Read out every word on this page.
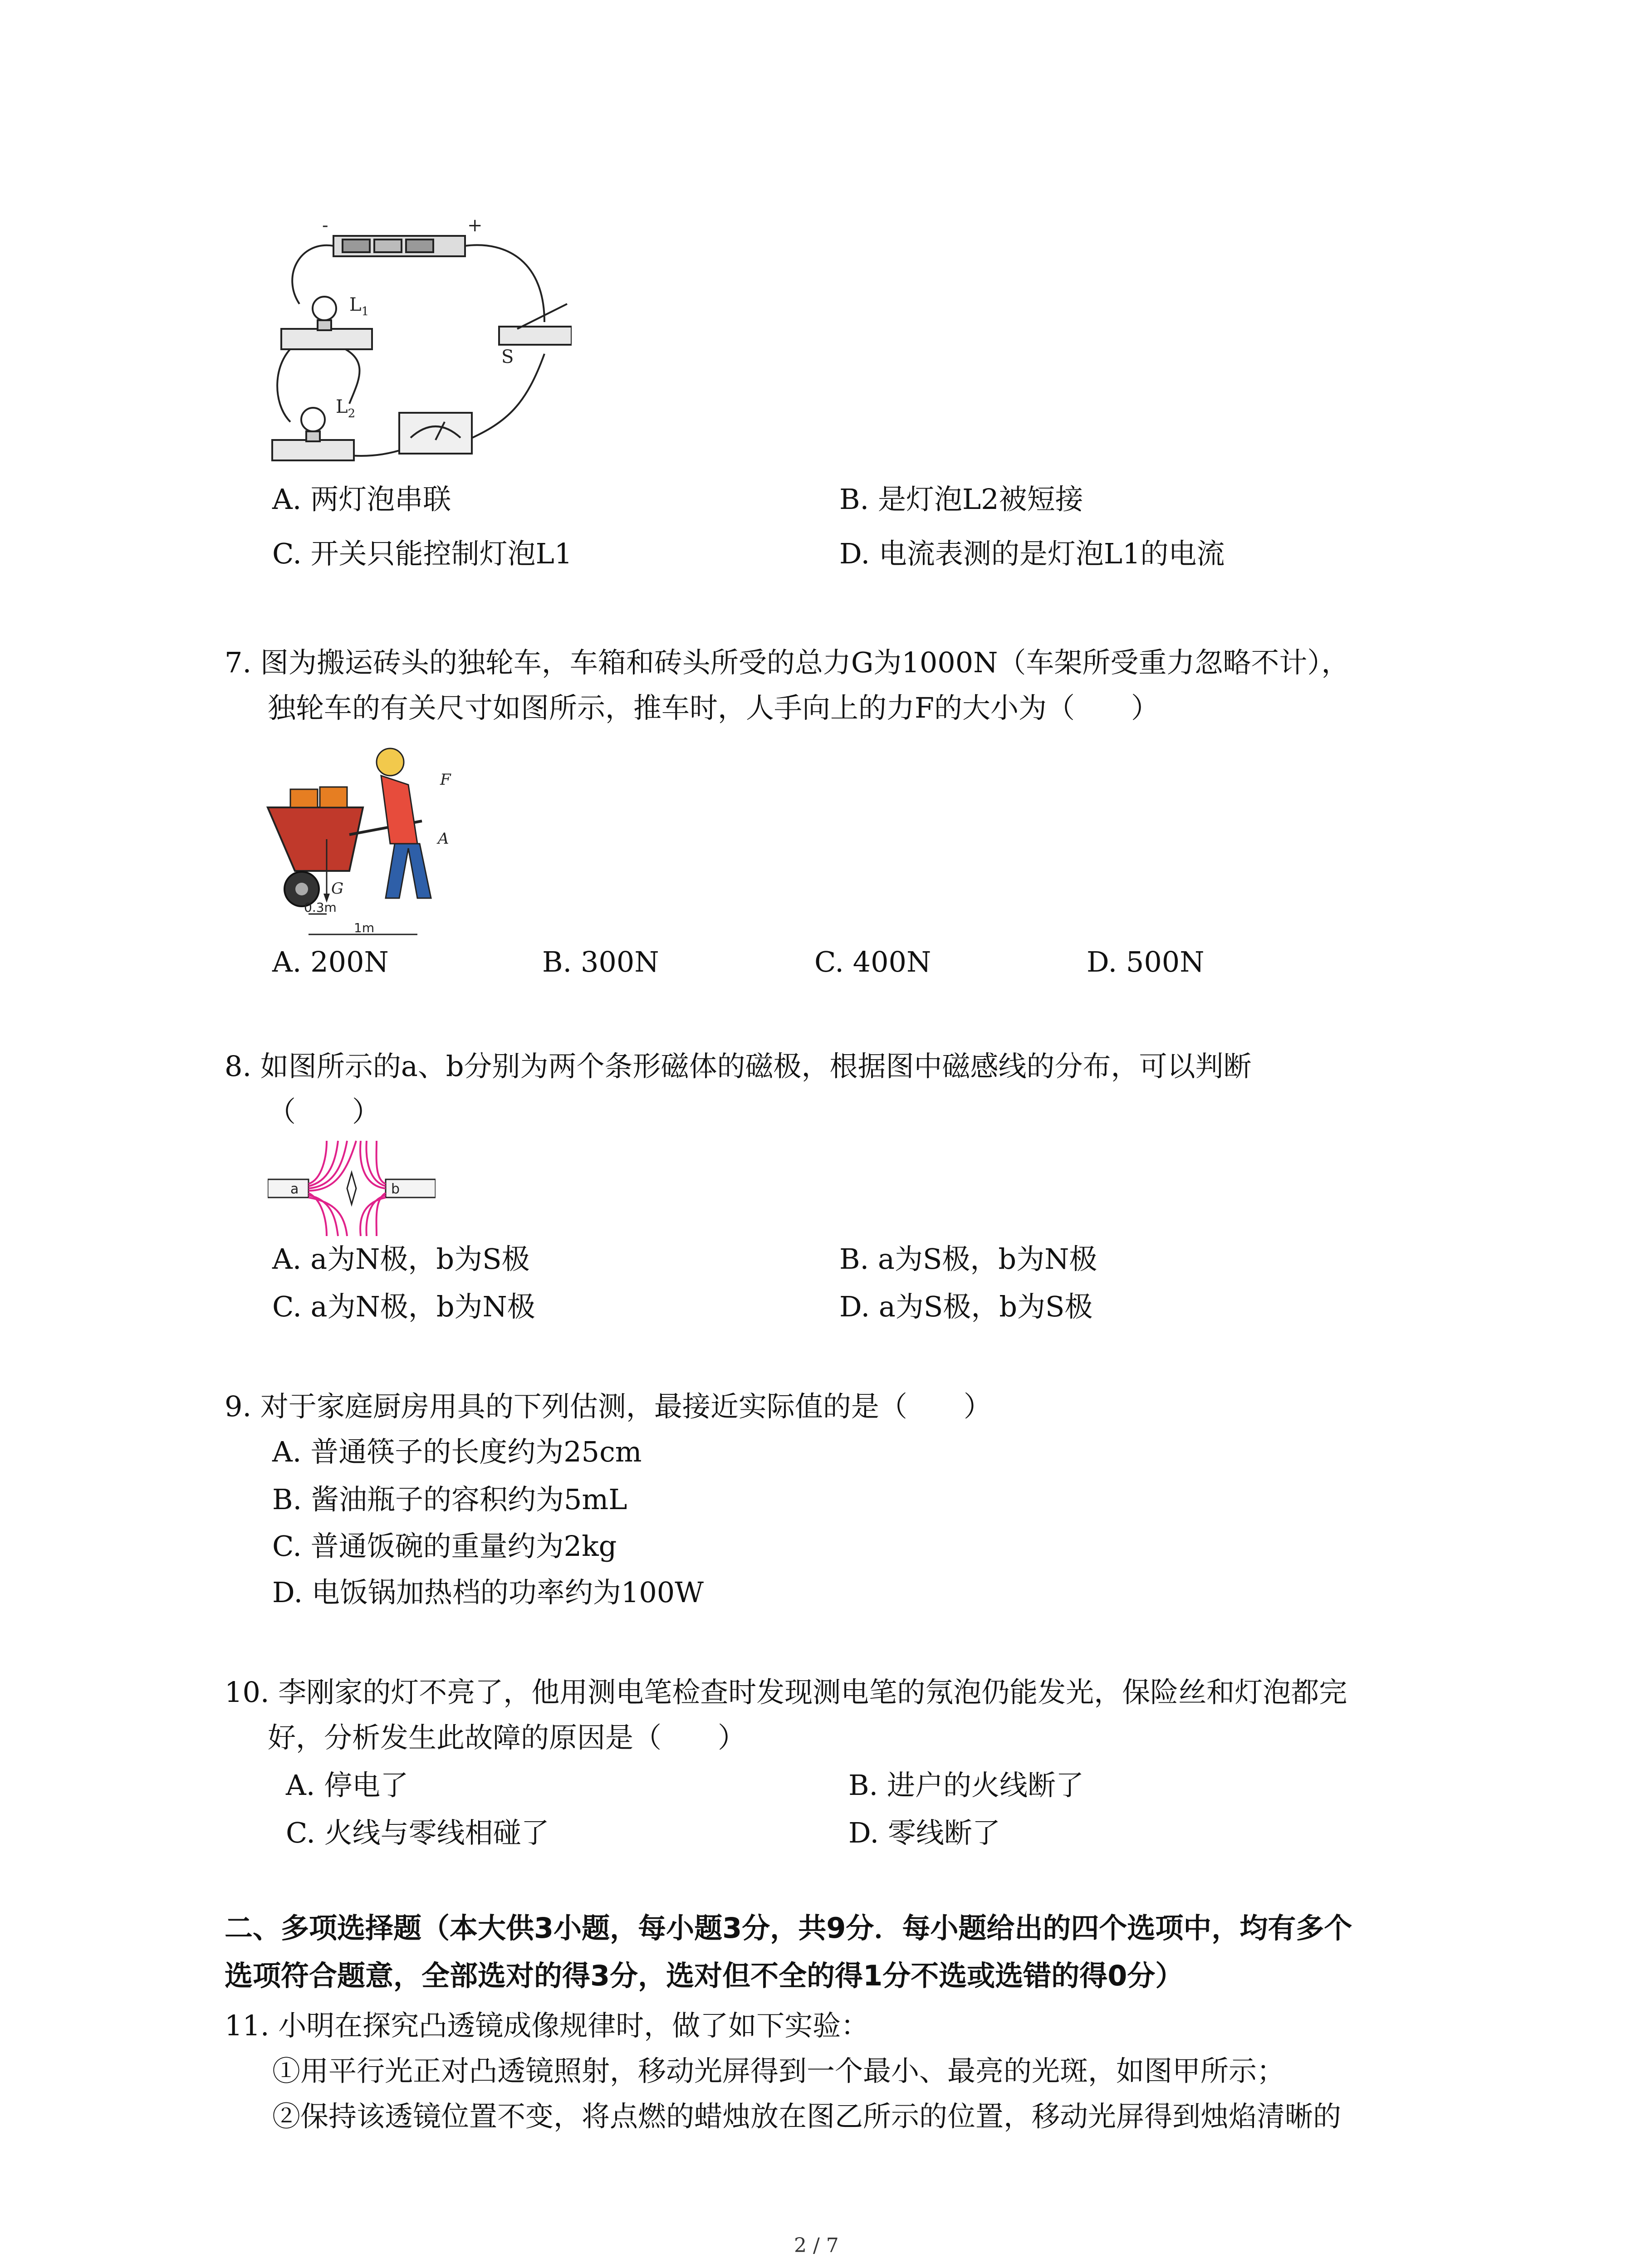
-	+
$L_1$
$L_2$
S
A. 两灯泡串联	B. 是灯泡L2被短接
C. 开关只能控制灯泡L1	D. 电流表测的是灯泡L1的电流
7. 图为搬运砖头的独轮车，车箱和砖头所受的总力G为1000N（车架所受重力忽略不计），
独轮车的有关尺寸如图所示，推车时，人手向上的力F的大小为（　　）
F
A
G
0.3m
1m
A. 200N	B. 300N	C. 400N	D. 500N
8. 如图所示的a、b分别为两个条形磁体的磁极，根据图中磁感线的分布，可以判断
（　　）
a	b
A. a为N极，b为S极	B. a为S极，b为N极
C. a为N极，b为N极	D. a为S极，b为S极
9. 对于家庭厨房用具的下列估测，最接近实际值的是（　　）
A. 普通筷子的长度约为25cm
B. 酱油瓶子的容积约为5mL
C. 普通饭碗的重量约为2kg
D. 电饭锅加热档的功率约为100W
10. 李刚家的灯不亮了，他用测电笔检查时发现测电笔的氖泡仍能发光，保险丝和灯泡都完
好，分析发生此故障的原因是（　　）
A. 停电了	B. 进户的火线断了
C. 火线与零线相碰了	D. 零线断了
二、多项选择题（本大供3小题，每小题3分，共9分．每小题给出的四个选项中，均有多个
选项符合题意，全部选对的得3分，选对但不全的得1分不选或选错的得0分）
11. 小明在探究凸透镜成像规律时，做了如下实验：
①用平行光正对凸透镜照射，移动光屏得到一个最小、最亮的光斑，如图甲所示；
②保持该透镜位置不变，将点燃的蜡烛放在图乙所示的位置，移动光屏得到烛焰清晰的
2 / 7
